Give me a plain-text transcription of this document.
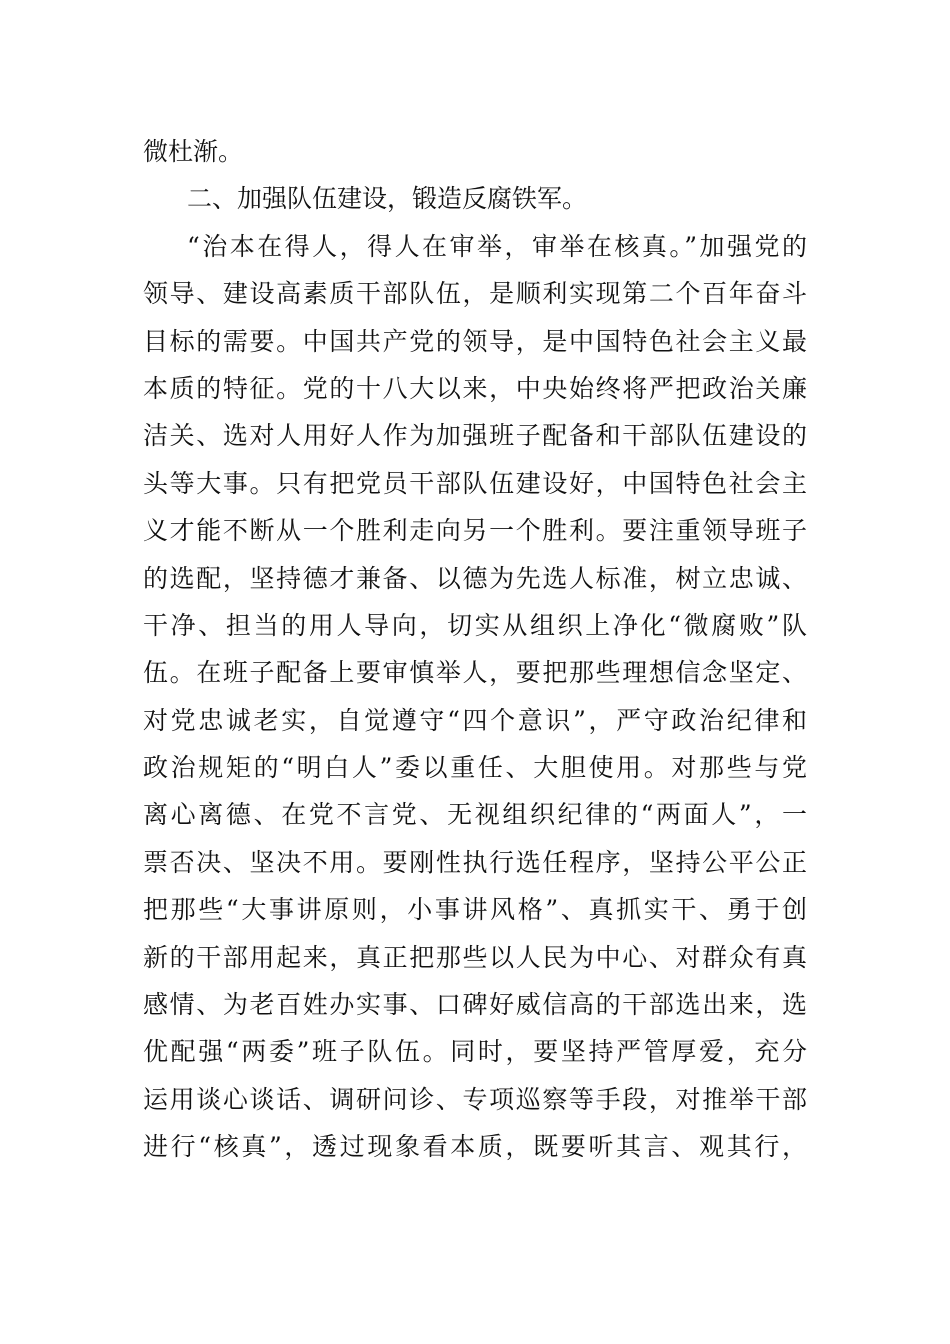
微杜渐。
二、加强队伍建设，锻造反腐铁军。
“治本在得人，得人在审举，审举在核真。”加强党的
领导、建设高素质干部队伍，是顺利实现第二个百年奋斗
目标的需要。中国共产党的领导，是中国特色社会主义最
本质的特征。党的十八大以来，中央始终将严把政治关廉
洁关、选对人用好人作为加强班子配备和干部队伍建设的
头等大事。只有把党员干部队伍建设好，中国特色社会主
义才能不断从一个胜利走向另一个胜利。要注重领导班子
的选配，坚持德才兼备、以德为先选人标准，树立忠诚、
干净、担当的用人导向，切实从组织上净化“微腐败”队
伍。在班子配备上要审慎举人，要把那些理想信念坚定、
对党忠诚老实，自觉遵守“四个意识”，严守政治纪律和
政治规矩的“明白人”委以重任、大胆使用。对那些与党
离心离德、在党不言党、无视组织纪律的“两面人”，一
票否决、坚决不用。要刚性执行选任程序，坚持公平公正
把那些“大事讲原则，小事讲风格”、真抓实干、勇于创
新的干部用起来，真正把那些以人民为中心、对群众有真
感情、为老百姓办实事、口碑好威信高的干部选出来，选
优配强“两委”班子队伍。同时，要坚持严管厚爱，充分
运用谈心谈话、调研问诊、专项巡察等手段，对推举干部
进行“核真”，透过现象看本质，既要听其言、观其行，
